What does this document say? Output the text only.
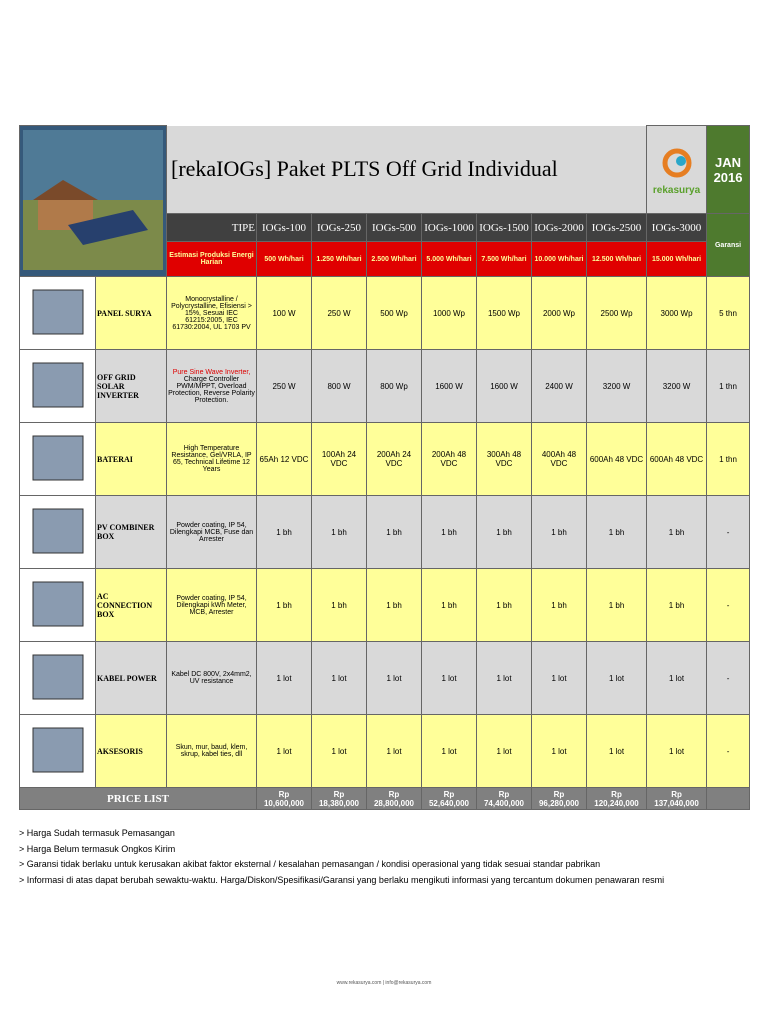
	[rekaIOGs] Paket PLTS Off Grid Individual								rekasurya	JAN
2016

		TIPE	IOGs-100	IOGs-250	IOGs-500	IOGs-1000	IOGs-1500	IOGs-2000	IOGs-2500	IOGs-3000	Garansi
		Estimasi Produksi Energi Harian	500 Wh/hari	1.250 Wh/hari	2.500 Wh/hari	5.000 Wh/hari	7.500 Wh/hari	10.000 Wh/hari	12.500 Wh/hari	15.000 Wh/hari	
	PANEL SURYA	Monocrystalline / Polycrystalline, Efisiensi > 15%, Sesuai IEC 61215:2005, IEC 61730:2004, UL 1703 PV	100 W	250 W	500 Wp	1000 Wp	1500 Wp	2000 Wp	2500 Wp	3000 Wp	5 thn
	OFF GRID SOLAR INVERTER	Pure Sine Wave Inverter, Charge Controller PWM/MPPT, Overload Protection, Reverse Polarity Protection.	250 W	800 W	800 Wp	1600 W	1600 W	2400 W	3200 W	3200 W	1 thn
	BATERAI	High Temperature Resistance, Gel/VRLA, IP 65, Technical Lifetime 12 Years	65Ah 12 VDC	100Ah 24 VDC	200Ah 24 VDC	200Ah 48 VDC	300Ah 48 VDC	400Ah 48 VDC	600Ah 48 VDC	600Ah 48 VDC	1 thn
	PV COMBINER BOX	Powder coating, IP 54, Dilengkapi MCB, Fuse dan Arrester	1 bh	1 bh	1 bh	1 bh	1 bh	1 bh	1 bh	1 bh	-
	AC CONNECTION BOX	Powder coating, IP 54, Dilengkapi kWh Meter, MCB, Arrester	1 bh	1 bh	1 bh	1 bh	1 bh	1 bh	1 bh	1 bh	-
	KABEL POWER	Kabel DC 800V, 2x4mm2, UV resistance	1 lot	1 lot	1 lot	1 lot	1 lot	1 lot	1 lot	1 lot	-
	AKSESORIS	Skun, mur, baud, klem, skrup, kabel ties, dll	1 lot	1 lot	1 lot	1 lot	1 lot	1 lot	1 lot	1 lot	-
PRICE LIST			Rp 10,600,000	Rp 18,380,000	Rp 28,800,000	Rp 52,640,000	Rp 74,400,000	Rp 96,280,000	Rp 120,240,000	Rp 137,040,000	
> Harga Sudah termasuk Pemasangan
> Harga Belum termasuk Ongkos Kirim
> Garansi tidak berlaku untuk kerusakan akibat faktor eksternal / kesalahan pemasangan / kondisi operasional yang tidak sesuai standar pabrikan
> Informasi di atas dapat berubah sewaktu-waktu. Harga/Diskon/Spesifikasi/Garansi yang berlaku mengikuti informasi yang tercantum dokumen penawaran resmi
www.rekasurya.com | info@rekasurya.com
